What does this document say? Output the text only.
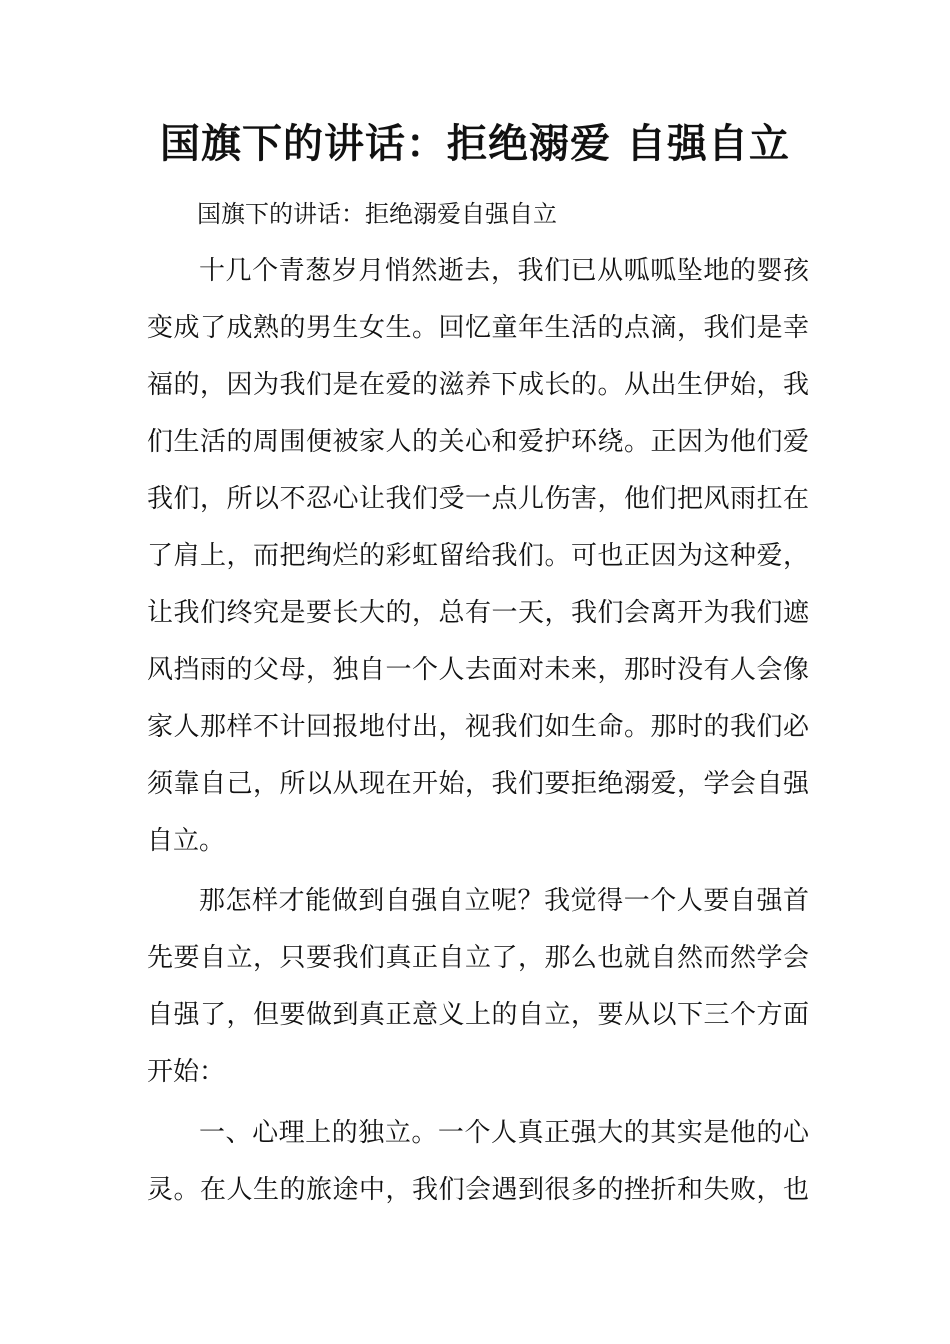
国旗下的讲话：拒绝溺爱 自强自立

国旗下的讲话：拒绝溺爱自强自立

十几个青葱岁月悄然逝去，我们已从呱呱坠地的婴孩
变成了成熟的男生女生。回忆童年生活的点滴，我们是幸
福的，因为我们是在爱的滋养下成长的。从出生伊始，我
们生活的周围便被家人的关心和爱护环绕。正因为他们爱
我们，所以不忍心让我们受一点儿伤害，他们把风雨扛在
了肩上，而把绚烂的彩虹留给我们。可也正因为这种爱，
让我们终究是要长大的，总有一天，我们会离开为我们遮
风挡雨的父母，独自一个人去面对未来，那时没有人会像
家人那样不计回报地付出，视我们如生命。那时的我们必
须靠自己，所以从现在开始，我们要拒绝溺爱，学会自强
自立。
那怎样才能做到自强自立呢？我觉得一个人要自强首
先要自立，只要我们真正自立了，那么也就自然而然学会
自强了，但要做到真正意义上的自立，要从以下三个方面
开始：
一、心理上的独立。一个人真正强大的其实是他的心
灵。在人生的旅途中，我们会遇到很多的挫折和失败，也
